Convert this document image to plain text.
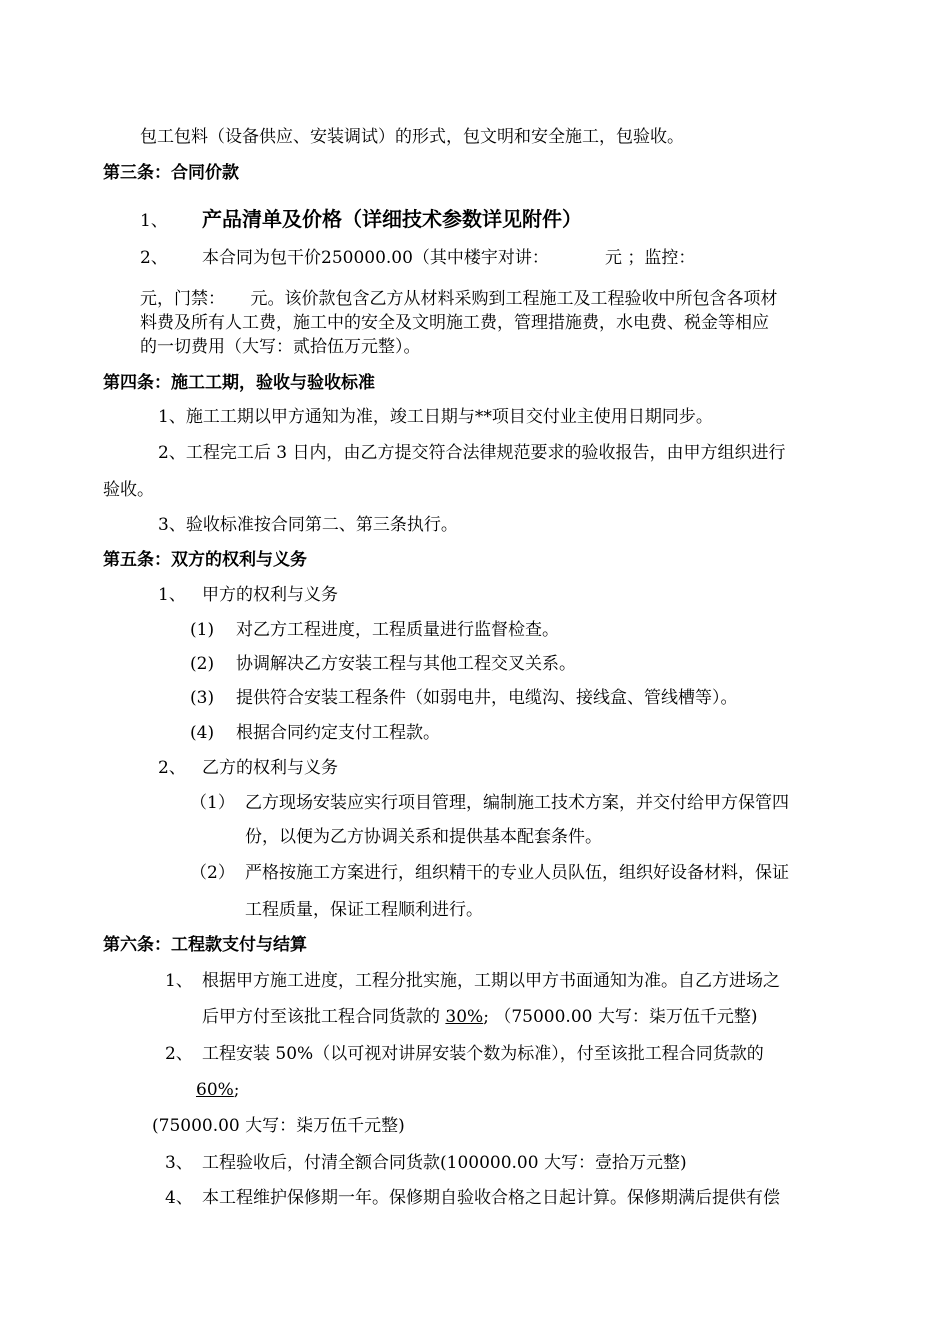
包工包料（设备供应、安装调试）的形式，包文明和安全施工，包验收。
第三条：合同价款
1、 产品清单及价格（详细技术参数详见附件）
2、 本合同为包干价250000.00（其中楼宇对讲：	元 ；监控：
元，门禁：　　元。该价款包含乙方从材料采购到工程施工及工程验收中所包含各项材
料费及所有人工费，施工中的安全及文明施工费，管理措施费，水电费、税金等相应
的一切费用（大写：贰拾伍万元整）。
第四条：施工工期，验收与验收标准
1、施工工期以甲方通知为准，竣工日期与**项目交付业主使用日期同步。
2、工程完工后 3 日内，由乙方提交符合法律规范要求的验收报告，由甲方组织进行
验收。
3、验收标准按合同第二、第三条执行。
第五条：双方的权利与义务
1、 甲方的权利与义务
(1) 对乙方工程进度，工程质量进行监督检查。
(2) 协调解决乙方安装工程与其他工程交叉关系。
(3) 提供符合安装工程条件（如弱电井，电缆沟、接线盒、管线槽等）。
(4) 根据合同约定支付工程款。
2、 乙方的权利与义务
（1） 乙方现场安装应实行项目管理，编制施工技术方案，并交付给甲方保管四
份，以便为乙方协调关系和提供基本配套条件。
（2） 严格按施工方案进行，组织精干的专业人员队伍，组织好设备材料，保证
工程质量，保证工程顺利进行。
第六条：工程款支付与结算
1、 根据甲方施工进度，工程分批实施，工期以甲方书面通知为准。自乙方进场之
后甲方付至该批工程合同货款的 30%; （75000.00 大写：柒万伍千元整)
2、 工程安装 50%（以可视对讲屏安装个数为标准），付至该批工程合同货款的
60%;
(75000.00 大写：柒万伍千元整)
3、 工程验收后，付清全额合同货款(100000.00 大写：壹拾万元整)
4、 本工程维护保修期一年。保修期自验收合格之日起计算。保修期满后提供有偿
